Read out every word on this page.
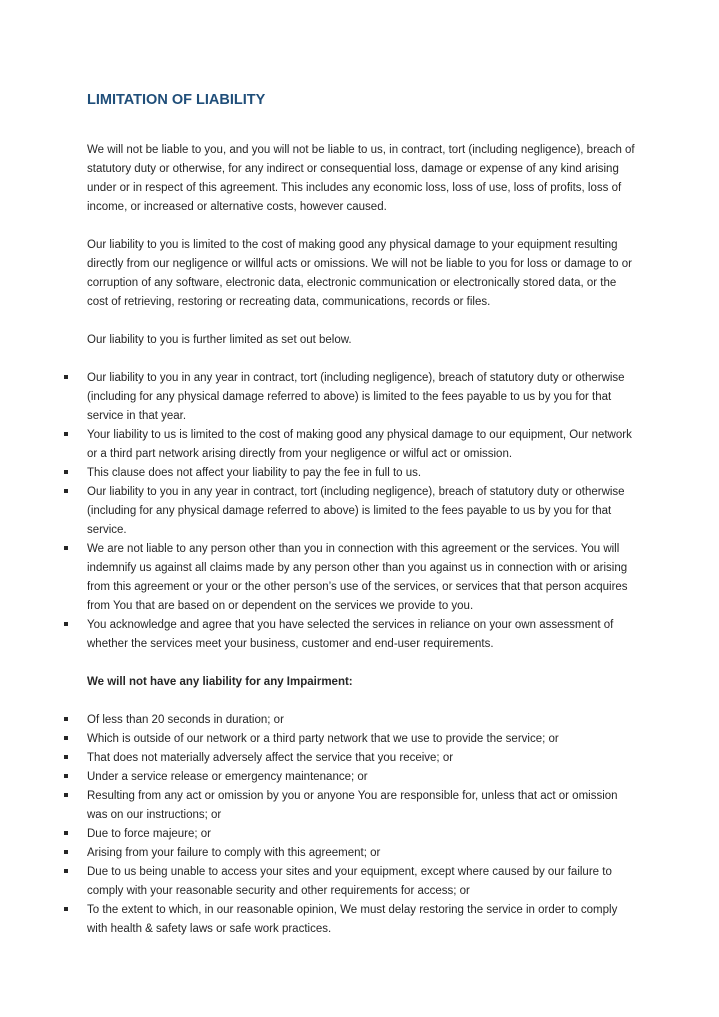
LIMITATION OF LIABILITY

We will not be liable to you, and you will not be liable to us, in contract, tort (including negligence), breach of statutory duty or otherwise, for any indirect or consequential loss, damage or expense of any kind arising under or in respect of this agreement. This includes any economic loss, loss of use, loss of profits, loss of income, or increased or alternative costs, however caused.

Our liability to you is limited to the cost of making good any physical damage to your equipment resulting directly from our negligence or willful acts or omissions. We will not be liable to you for loss or damage to or corruption of any software, electronic data, electronic communication or electronically stored data, or the cost of retrieving, restoring or recreating data, communications, records or files.

Our liability to you is further limited as set out below.

Our liability to you in any year in contract, tort (including negligence), breach of statutory duty or otherwise (including for any physical damage referred to above) is limited to the fees payable to us by you for that service in that year.
Your liability to us is limited to the cost of making good any physical damage to our equipment, Our network or a third part network arising directly from your negligence or wilful act or omission.
This clause does not affect your liability to pay the fee in full to us.
Our liability to you in any year in contract, tort (including negligence), breach of statutory duty or otherwise (including for any physical damage referred to above) is limited to the fees payable to us by you for that service.
We are not liable to any person other than you in connection with this agreement or the services. You will indemnify us against all claims made by any person other than you against us in connection with or arising from this agreement or your or the other person’s use of the services, or services that that person acquires from You that are based on or dependent on the services we provide to you.
You acknowledge and agree that you have selected the services in reliance on your own assessment of whether the services meet your business, customer and end-user requirements.
We will not have any liability for any Impairment:
Of less than 20 seconds in duration; or
Which is outside of our network or a third party network that we use to provide the service; or
That does not materially adversely affect the service that you receive; or
Under a service release or emergency maintenance; or
Resulting from any act or omission by you or anyone You are responsible for, unless that act or omission was on our instructions; or
Due to force majeure; or
Arising from your failure to comply with this agreement; or
Due to us being unable to access your sites and your equipment, except where caused by our failure to comply with your reasonable security and other requirements for access; or
To the extent to which, in our reasonable opinion, We must delay restoring the service in order to comply with health & safety laws or safe work practices.
